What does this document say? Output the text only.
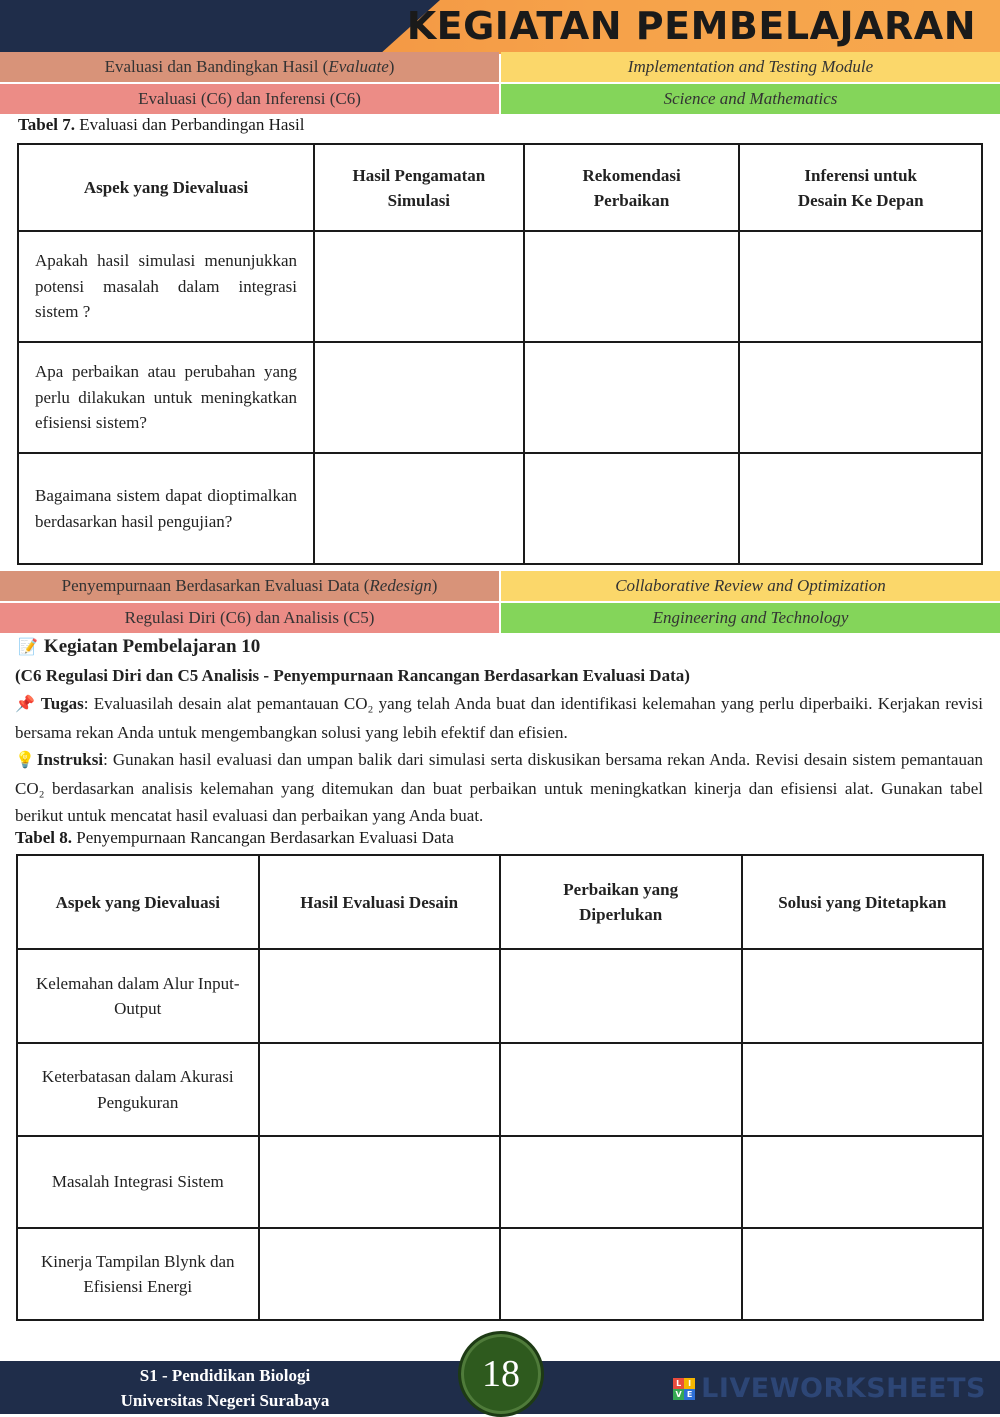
KEGIATAN PEMBELAJARAN
Evaluasi dan Bandingkan Hasil ( Evaluate )	Implementation and Testing Module
Evaluasi (C6) dan Inferensi (C6)	Science and Mathematics
Tabel 7. Evaluasi dan Perbandingan Hasil
Aspek yang Dievaluasi	Hasil Pengamatan Simulasi	Rekomendasi Perbaikan	Inferensi untuk Desain Ke Depan
Apakah hasil simulasi menunjukkan potensi masalah dalam integrasi sistem ?			
Apa perbaikan atau perubahan yang perlu dilakukan untuk meningkatkan efisiensi sistem?			
Bagaimana sistem dapat dioptimalkan berdasarkan hasil pengujian?			
Penyempurnaan Berdasarkan Evaluasi Data ( Redesign )	Collaborative Review and Optimization
Regulasi Diri (C6) dan Analisis (C5)	Engineering and Technology
📝 Kegiatan Pembelajaran 10
(C6 Regulasi Diri dan C5 Analisis - Penyempurnaan Rancangan Berdasarkan Evaluasi Data)
📌 Tugas: Evaluasilah desain alat pemantauan CO₂ yang telah Anda buat dan identifikasi kelemahan yang perlu diperbaiki. Kerjakan revisi bersama rekan Anda untuk mengembangkan solusi yang lebih efektif dan efisien.
💡 Instruksi: Gunakan hasil evaluasi dan umpan balik dari simulasi serta diskusikan bersama rekan Anda. Revisi desain sistem pemantauan CO₂ berdasarkan analisis kelemahan yang ditemukan dan buat perbaikan untuk meningkatkan kinerja dan efisiensi alat. Gunakan tabel berikut untuk mencatat hasil evaluasi dan perbaikan yang Anda buat.
Tabel 8. Penyempurnaan Rancangan Berdasarkan Evaluasi Data
Aspek yang Dievaluasi	Hasil Evaluasi Desain	Perbaikan yang Diperlukan	Solusi yang Ditetapkan
Kelemahan dalam Alur Input-Output			
Keterbatasan dalam Akurasi Pengukuran			
Masalah Integrasi Sistem			
Kinerja Tampilan Blynk dan Efisiensi Energi			
S1 - Pendidikan Biologi
Universitas Negeri Surabaya
18	L I
V E LIVEWORKSHEETS
